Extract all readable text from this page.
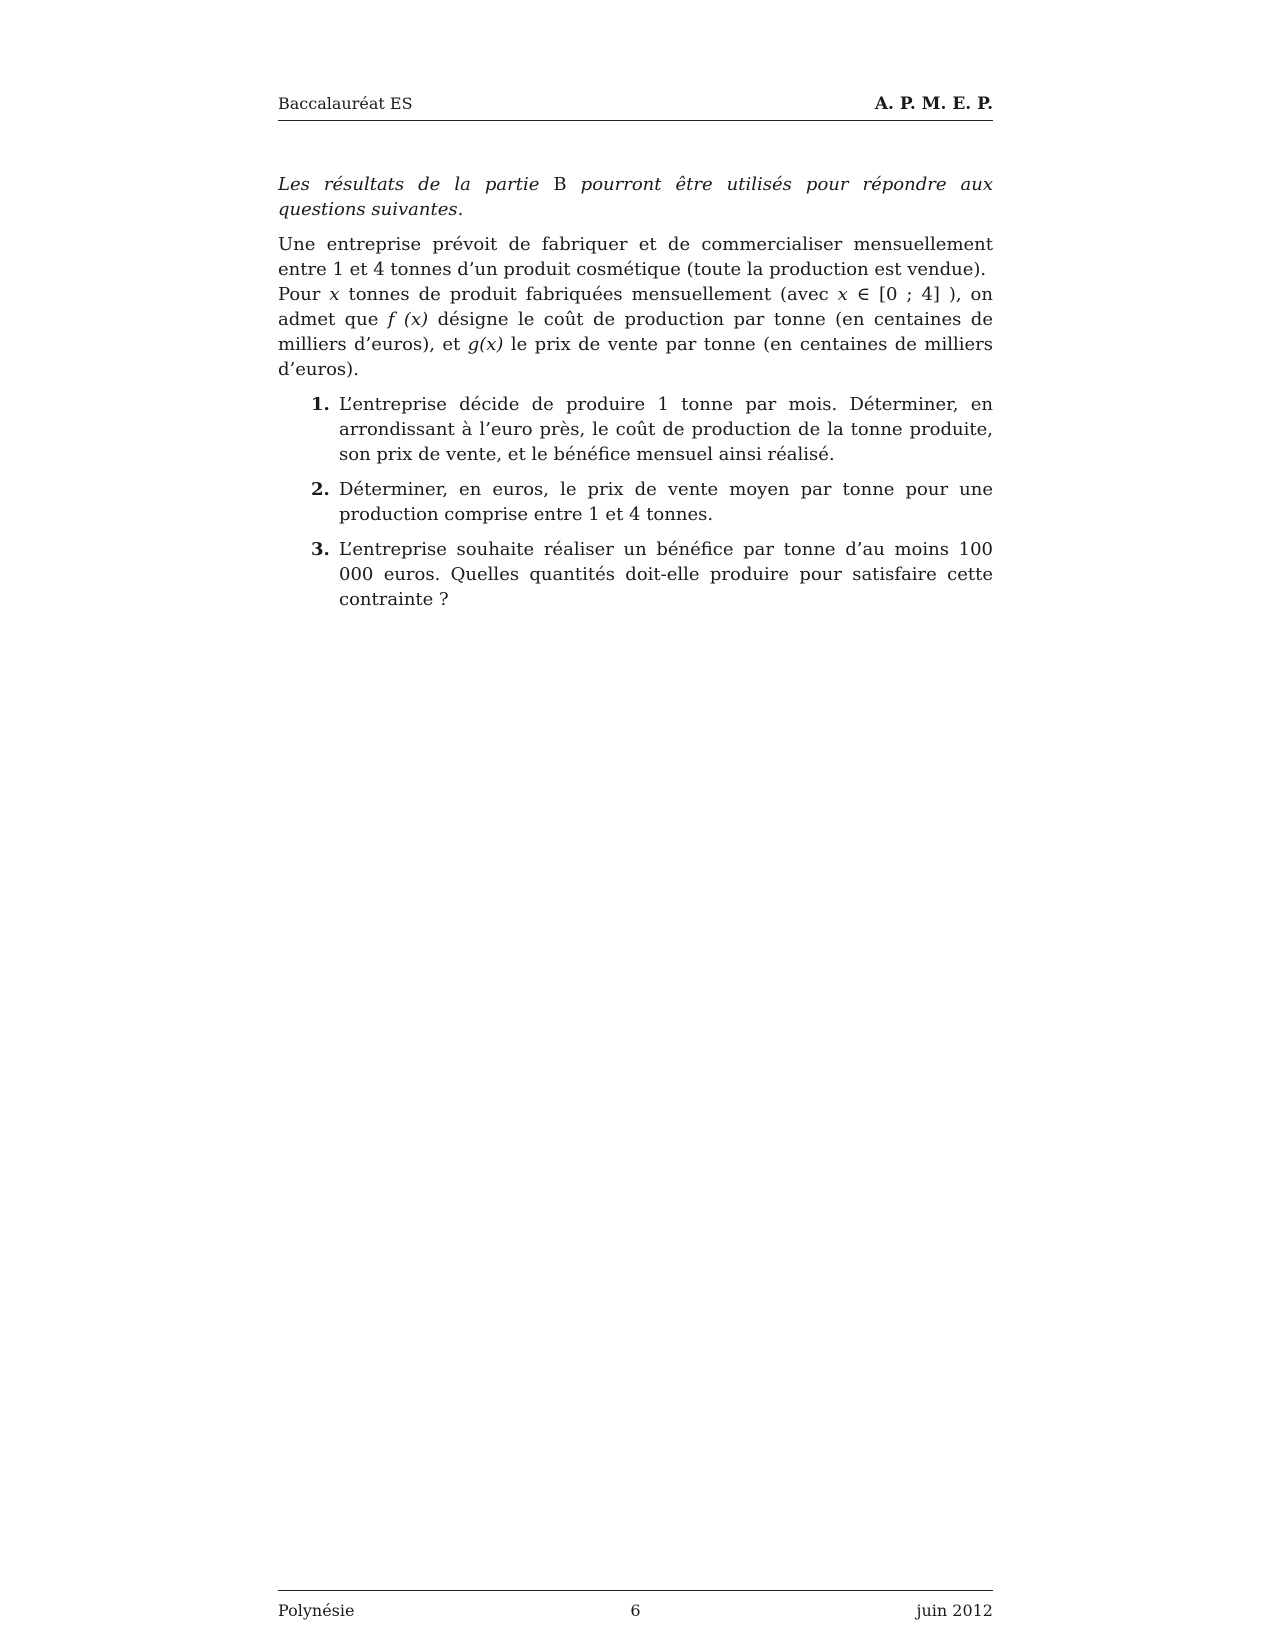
Baccalauréat ES	A. P. M. E. P.

Les résultats de la partie B pourront être utilisés pour répondre aux questions suivantes.

Une entreprise prévoit de fabriquer et de commercialiser mensuellement entre 1 et 4 tonnes d’un produit cosmétique (toute la production est vendue).

Pour x tonnes de produit fabriquées mensuellement (avec x ∈ [0 ; 4] ), on admet que f (x) désigne le coût de production par tonne (en centaines de milliers d’euros), et g(x) le prix de vente par tonne (en centaines de milliers d’euros).

1. L’entreprise décide de produire 1 tonne par mois. Déterminer, en arrondissant à l’euro près, le coût de production de la tonne produite, son prix de vente, et le bénéfice mensuel ainsi réalisé.
2. Déterminer, en euros, le prix de vente moyen par tonne pour une production comprise entre 1 et 4 tonnes.
3. L’entreprise souhaite réaliser un bénéfice par tonne d’au moins 100 000 euros. Quelles quantités doit-elle produire pour satisfaire cette contrainte ?
Polynésie	6	juin 2012
